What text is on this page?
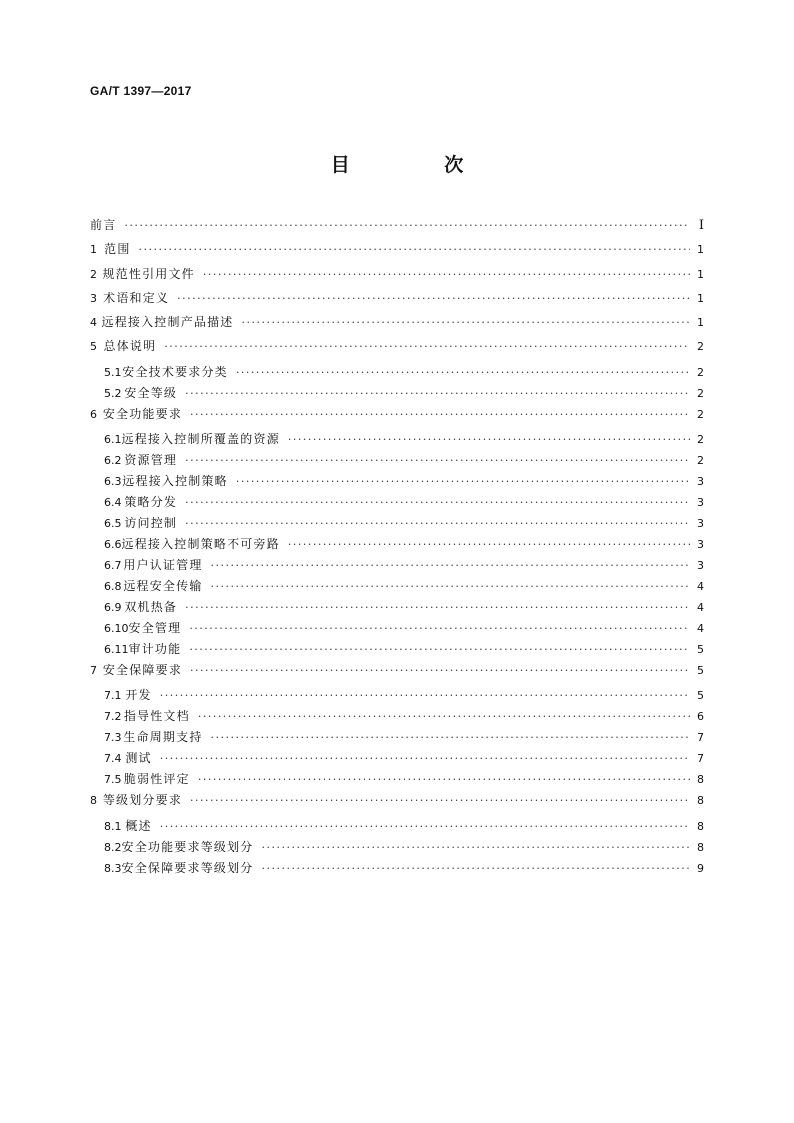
GA/T 1397—2017
目 次
前言 ·····	Ⅰ
1 范围 ·····	1
2 规范性引用文件 ·····	1
3 术语和定义 ·····	1
4 远程接入控制产品描述 ·····	1
5 总体说明 ·····	2
5.1 安全技术要求分类 ·····	2
5.2 安全等级 ·····	2
6 安全功能要求 ·····	2
6.1 远程接入控制所覆盖的资源 ·····	2
6.2 资源管理 ·····	2
6.3 远程接入控制策略 ·····	3
6.4 策略分发 ·····	3
6.5 访问控制 ·····	3
6.6 远程接入控制策略不可旁路 ·····	3
6.7 用户认证管理 ·····	3
6.8 远程安全传输 ·····	4
6.9 双机热备 ·····	4
6.10 安全管理 ·····	4
6.11 审计功能 ·····	5
7 安全保障要求 ·····	5
7.1 开发 ·····	5
7.2 指导性文档 ·····	6
7.3 生命周期支持 ·····	7
7.4 测试 ·····	7
7.5 脆弱性评定 ·····	8
8 等级划分要求 ·····	8
8.1 概述 ·····	8
8.2 安全功能要求等级划分 ·····	8
8.3 安全保障要求等级划分 ·····	9
